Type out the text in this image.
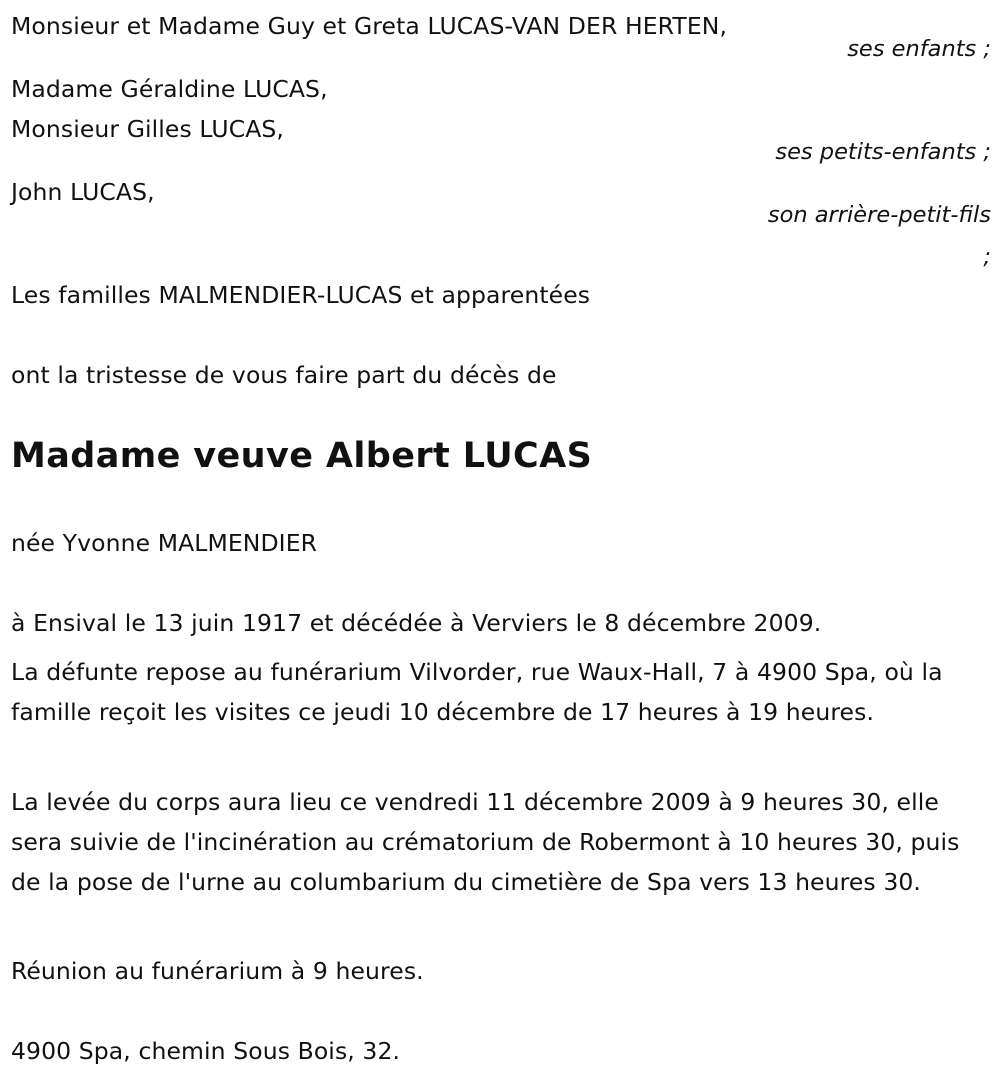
Monsieur et Madame Guy et Greta LUCAS-VAN DER HERTEN,
ses enfants ;
Madame Géraldine LUCAS,
Monsieur Gilles LUCAS,
ses petits-enfants ;
John LUCAS,
son arrière-petit-fils
;
Les familles MALMENDIER-LUCAS et apparentées
ont la tristesse de vous faire part du décès de
Madame veuve Albert LUCAS
née Yvonne MALMENDIER
à Ensival le 13 juin 1917 et décédée à Verviers le 8 décembre 2009.
La défunte repose au funérarium Vilvorder, rue Waux-Hall, 7 à 4900 Spa, où la famille reçoit les visites ce jeudi 10 décembre de 17 heures à 19 heures.
La levée du corps aura lieu ce vendredi 11 décembre 2009 à 9 heures 30, elle sera suivie de l'incinération au crématorium de Robermont à 10 heures 30, puis de la pose de l'urne au columbarium du cimetière de Spa vers 13 heures 30.
Réunion au funérarium à 9 heures.
4900 Spa, chemin Sous Bois, 32.
